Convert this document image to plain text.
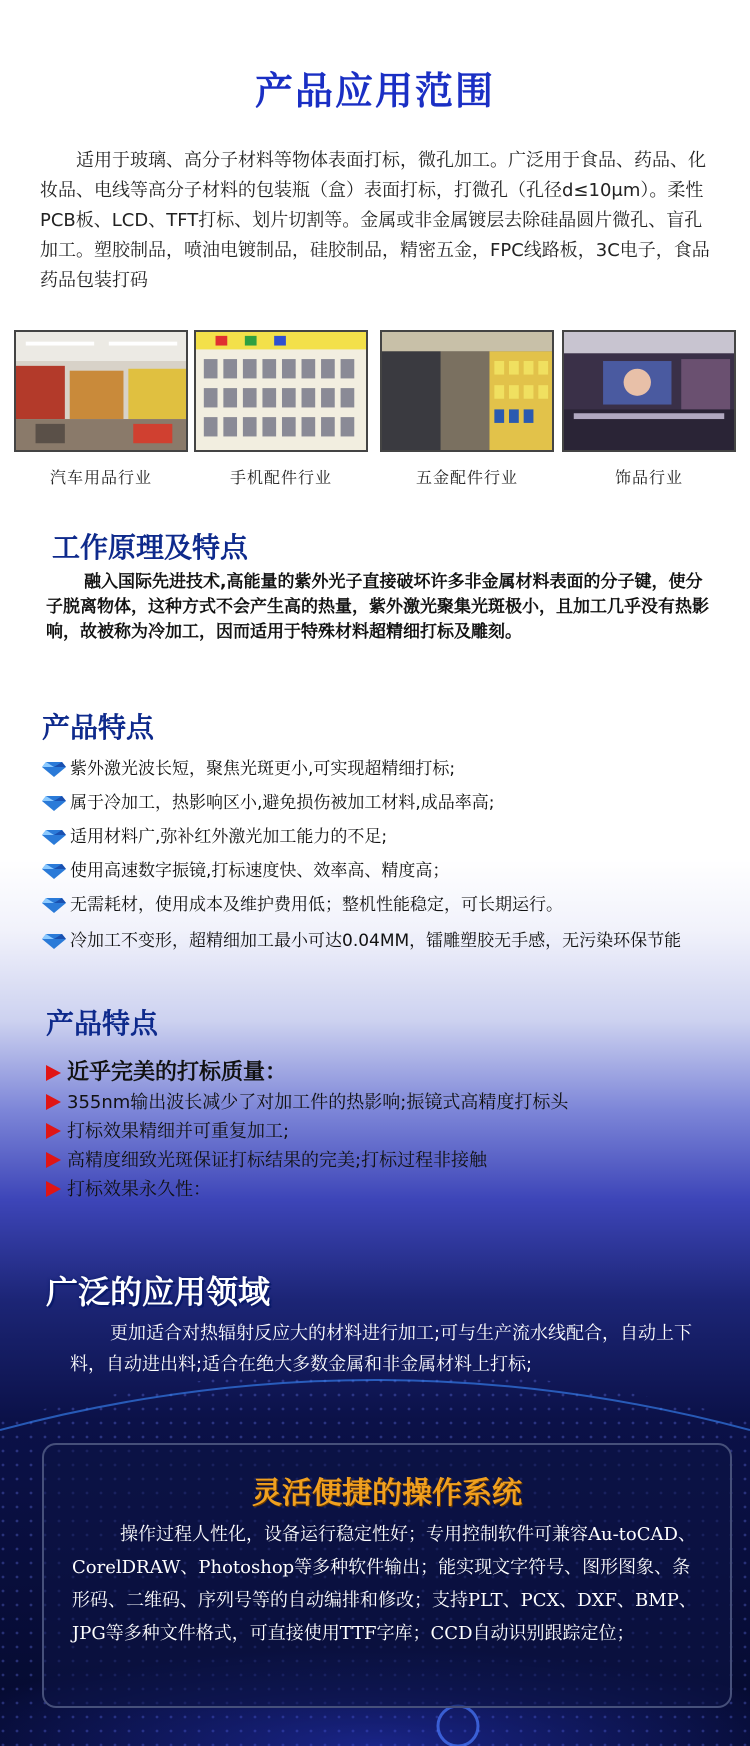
产品应用范围
适用于玻璃、高分子材料等物体表面打标，微孔加工。广泛用于食品、药品、化妆品、电线等高分子材料的包装瓶（盒）表面打标，打微孔（孔径d≤10μm）。柔性PCB板、LCD、TFT打标、划片切割等。金属或非金属镀层去除硅晶圆片微孔、盲孔加工。塑胶制品，喷油电镀制品，硅胶制品，精密五金，FPC线路板，3C电子，食品药品包装打码
汽车用品行业	手机配件行业	五金配件行业	饰品行业
工作原理及特点
融入国际先进技术,高能量的紫外光子直接破坏许多非金属材料表面的分子键，使分子脱离物体，这种方式不会产生高的热量，紫外激光聚集光斑极小，且加工几乎没有热影响，故被称为冷加工，因而适用于特殊材料超精细打标及雕刻。
产品特点
紫外激光波长短，聚焦光斑更小,可实现超精细打标;
属于冷加工，热影响区小,避免损伤被加工材料,成品率高;
适用材料广,弥补红外激光加工能力的不足;
使用高速数字振镜,打标速度快、效率高、精度高；
无需耗材，使用成本及维护费用低；整机性能稳定，可长期运行。
冷加工不变形，超精细加工最小可达0.04MM，镭雕塑胶无手感，无污染环保节能
产品特点
近乎完美的打标质量：
355nm输出波长减少了对加工件的热影响;振镜式高精度打标头
打标效果精细并可重复加工;
高精度细致光斑保证打标结果的完美;打标过程非接触
打标效果永久性：
广泛的应用领域
更加适合对热辐射反应大的材料进行加工;可与生产流水线配合，自动上下料，自动进出料;适合在绝大多数金属和非金属材料上打标;
灵活便捷的操作系统
操作过程人性化，设备运行稳定性好；专用控制软件可兼容Au-toCAD、 CorelDRAW、Photoshop等多种软件输出；能实现文字符号、图形图象、条形码、二维码、序列号等的自动编排和修改；支持PLT、PCX、DXF、BMP、JPG等多种文件格式，可直接使用TTF字库；CCD自动识别跟踪定位；
